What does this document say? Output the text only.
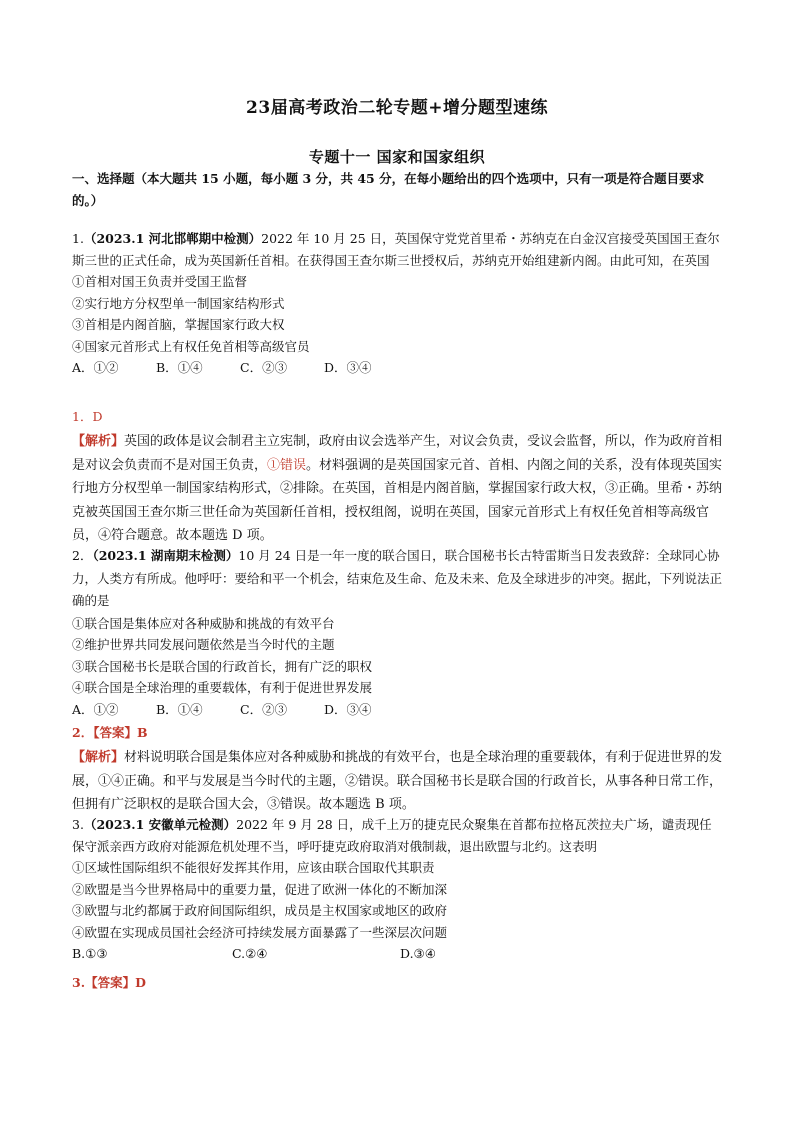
23届高考政治二轮专题+增分题型速练
专题十一 国家和国家组织

一、选择题（本大题共 15 小题，每小题 3 分，共 45 分，在每小题给出的四个选项中，只有一项是符合题目要求的。）

1.（2023.1 河北邯郸期中检测）2022 年 10 月 25 日，英国保守党党首里希・苏纳克在白金汉宫接受英国国王查尔斯三世的正式任命，成为英国新任首相。在获得国王查尔斯三世授权后，苏纳克开始组建新内阁。由此可知，在英国

①首相对国王负责并受国王监督

②实行地方分权型单一制国家结构形式

③首相是内阁首脑，掌握国家行政大权

④国家元首形式上有权任免首相等高级官员

A．①②	B．①④	C．②③	D．③④

1．D

【解析】英国的政体是议会制君主立宪制，政府由议会选举产生，对议会负责，受议会监督，所以，作为政府首相是对议会负责而不是对国王负责，①错误。材料强调的是英国国家元首、首相、内阁之间的关系，没有体现英国实行地方分权型单一制国家结构形式，②排除。在英国，首相是内阁首脑，掌握国家行政大权，③正确。里希・苏纳克被英国国王查尔斯三世任命为英国新任首相，授权组阁，说明在英国，国家元首形式上有权任免首相等高级官员，④符合题意。故本题选 D 项。

2．（2023.1 湖南期末检测）10 月 24 日是一年一度的联合国日，联合国秘书长古特雷斯当日发表致辞：全球同心协力，人类方有所成。他呼吁：要给和平一个机会，结束危及生命、危及未来、危及全球进步的冲突。据此，下列说法正确的是

①联合国是集体应对各种威胁和挑战的有效平台

②维护世界共同发展问题依然是当今时代的主题

③联合国秘书长是联合国的行政首长，拥有广泛的职权

④联合国是全球治理的重要载体，有利于促进世界发展

A．①②	B．①④	C．②③	D．③④

2．【答案】B

【解析】材料说明联合国是集体应对各种威胁和挑战的有效平台，也是全球治理的重要载体，有利于促进世界的发展，①④正确。和平与发展是当今时代的主题，②错误。联合国秘书长是联合国的行政首长，从事各种日常工作，但拥有广泛职权的是联合国大会，③错误。故本题选 B 项。

3.（2023.1 安徽单元检测）2022 年 9 月 28 日，成千上万的捷克民众聚集在首都布拉格瓦茨拉夫广场，谴责现任保守派亲西方政府对能源危机处理不当，呼吁捷克政府取消对俄制裁，退出欧盟与北约。这表明

①区域性国际组织不能很好发挥其作用，应该由联合国取代其职责

②欧盟是当今世界格局中的重要力量，促进了欧洲一体化的不断加深

③欧盟与北约都属于政府间国际组织，成员是主权国家或地区的政府

④欧盟在实现成员国社会经济可持续发展方面暴露了一些深层次问题

B.①③	C.②④	D.③④

3.【答案】D
